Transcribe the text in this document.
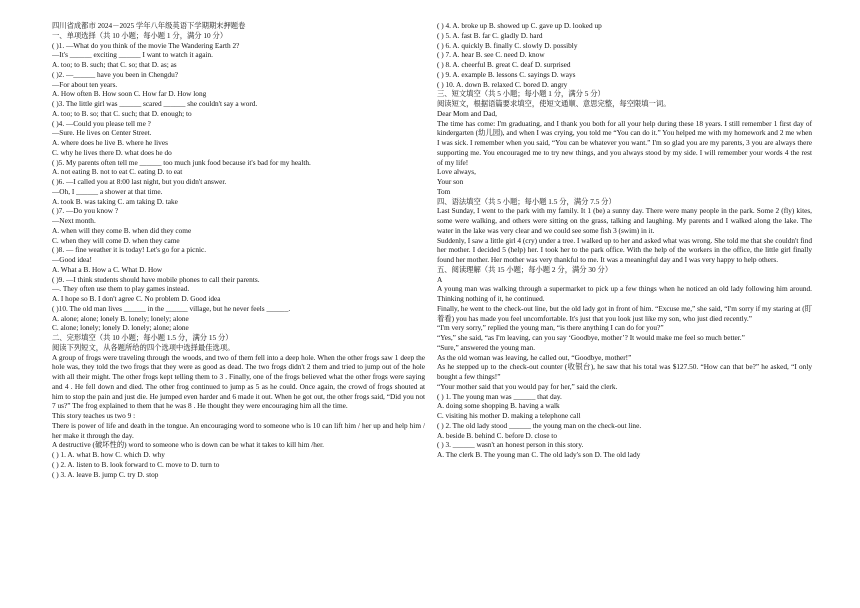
四川省成都市 2024－2025 学年八年级英语下学期期末押题卷
一、单项选择（共 10 小题；每小题 1 分，满分 10 分）
( )1. —What do you think of the movie The Wandering Earth 2?
—It's ______ exciting ______ I want to watch it again.
A. too; to B. such; that C. so; that D. as; as
( )2. —______ have you been in Chengdu?
—For about ten years.
A. How often B. How soon C. How far D. How long
( )3. The little girl was ______ scared ______ she couldn't say a word.
A. too; to B. so; that C. such; that D. enough; to
( )4. —Could you please tell me ?
—Sure. He lives on Center Street.
A. where does he live B. where he lives
C. why he lives there D. what does he do
( )5. My parents often tell me ______ too much junk food because it's bad for my health.
A. not eating B. not to eat C. eating D. to eat
( )6. —I called you at 8:00 last night, but you didn't answer.
—Oh, I ______ a shower at that time.
A. took B. was taking C. am taking D. take
( )7. —Do you know ?
—Next month.
A. when will they come B. when did they come
C. when they will come D. when they came
( )8. — fine weather it is today! Let's go for a picnic.
—Good idea!
A. What a B. How a C. What D. How
( )9. —I think students should have mobile phones to call their parents.
—. They often use them to play games instead.
A. I hope so B. I don't agree C. No problem D. Good idea
( )10. The old man lives ______ in the ______ village, but he never feels ______.
A. alone; alone; lonely B. lonely; lonely; alone
C. alone; lonely; lonely D. lonely; alone; alone
二、完形填空（共 10 小题；每小题 1.5 分，满分 15 分）
阅读下列短文，从各题所给的四个选项中选择最佳选项。
A group of frogs were traveling through the woods, and two of them fell into a deep hole. When the other frogs saw 1 deep the hole was, they told the two frogs that they were as good as dead. The two frogs didn't 2 them and tried to jump out of the hole with all their might. The other frogs kept telling them to 3 . Finally, one of the frogs believed what the other frogs were saying and 4 . He fell down and died. The other frog continued to jump as 5 as he could. Once again, the crowd of frogs shouted at him to stop the pain and just die. He jumped even harder and 6 made it out. When he got out, the other frogs said, “Did you not 7 us?” The frog explained to them that he was 8 . He thought they were encouraging him all the time.
This story teaches us two 9 :
There is power of life and death in the tongue. An encouraging word to someone who is 10 can lift him / her up and help him / her make it through the day.
A destructive (破坏性的) word to someone who is down can be what it takes to kill him /her.
( ) 1. A. what B. how C. which D. why
( ) 2. A. listen to B. look forward to C. move to D. turn to
( ) 3. A. leave B. jump C. try D. stop
( ) 4. A. broke up B. showed up C. gave up D. looked up
( ) 5. A. fast B. far C. gladly D. hard
( ) 6. A. quickly B. finally C. slowly D. possibly
( ) 7. A. hear B. see C. need D. know
( ) 8. A. cheerful B. great C. deaf D. surprised
( ) 9. A. example B. lessons C. sayings D. ways
( ) 10. A. down B. relaxed C. bored D. angry
三、短文填空（共 5 小题；每小题 1 分，满分 5 分）
阅读短文，根据语篇要求填空，使短文通顺、意思完整，每空限填一词。
Dear Mom and Dad,
The time has come: I'm graduating, and I thank you both for all your help during these 18 years. I still remember 1 first day of kindergarten (幼儿园), and when I was crying, you told me “You can do it.” You helped me with my homework and 2 me when I was sick. I remember when you said, “You can be whatever you want.” I'm so glad you are my parents, 3 you are always there supporting me. You encouraged me to try new things, and you always stood by my side. I will remember your words 4 the rest of my life!
Love always,
Your son
Tom
四、语法填空（共 5 小题；每小题 1.5 分，满分 7.5 分）
Last Sunday, I went to the park with my family. It 1 (be) a sunny day. There were many people in the park. Some 2 (fly) kites, some were walking, and others were sitting on the grass, talking and laughing. My parents and I walked along the lake. The water in the lake was very clear and we could see some fish 3 (swim) in it.
Suddenly, I saw a little girl 4 (cry) under a tree. I walked up to her and asked what was wrong. She told me that she couldn't find her mother. I decided 5 (help) her. I took her to the park office. With the help of the workers in the office, the little girl finally found her mother. Her mother was very thankful to me. It was a meaningful day and I was very happy to help others.
五、阅读理解（共 15 小题；每小题 2 分，满分 30 分）
A
A young man was walking through a supermarket to pick up a few things when he noticed an old lady following him around. Thinking nothing of it, he continued.
Finally, he went to the check-out line, but the old lady got in front of him. “Excuse me,” she said, “I'm sorry if my staring at (盯着看) you has made you feel uncomfortable. It's just that you look just like my son, who just died recently.”
“I'm very sorry,” replied the young man, “is there anything I can do for you?”
“Yes,” she said, “as I'm leaving, can you say ‘Goodbye, mother’? It would make me feel so much better.”
“Sure,” answered the young man.
As the old woman was leaving, he called out, “Goodbye, mother!”
As he stepped up to the check-out counter (收银台), he saw that his total was $127.50. “How can that be?” he asked, “I only bought a few things!”
“Your mother said that you would pay for her,” said the clerk.
( ) 1. The young man was ______ that day.
A. doing some shopping B. having a walk
C. visiting his mother D. making a telephone call
( ) 2. The old lady stood ______ the young man on the check-out line.
A. beside B. behind C. before D. close to
( ) 3. ______ wasn't an honest person in this story.
A. The clerk B. The young man C. The old lady's son D. The old lady
